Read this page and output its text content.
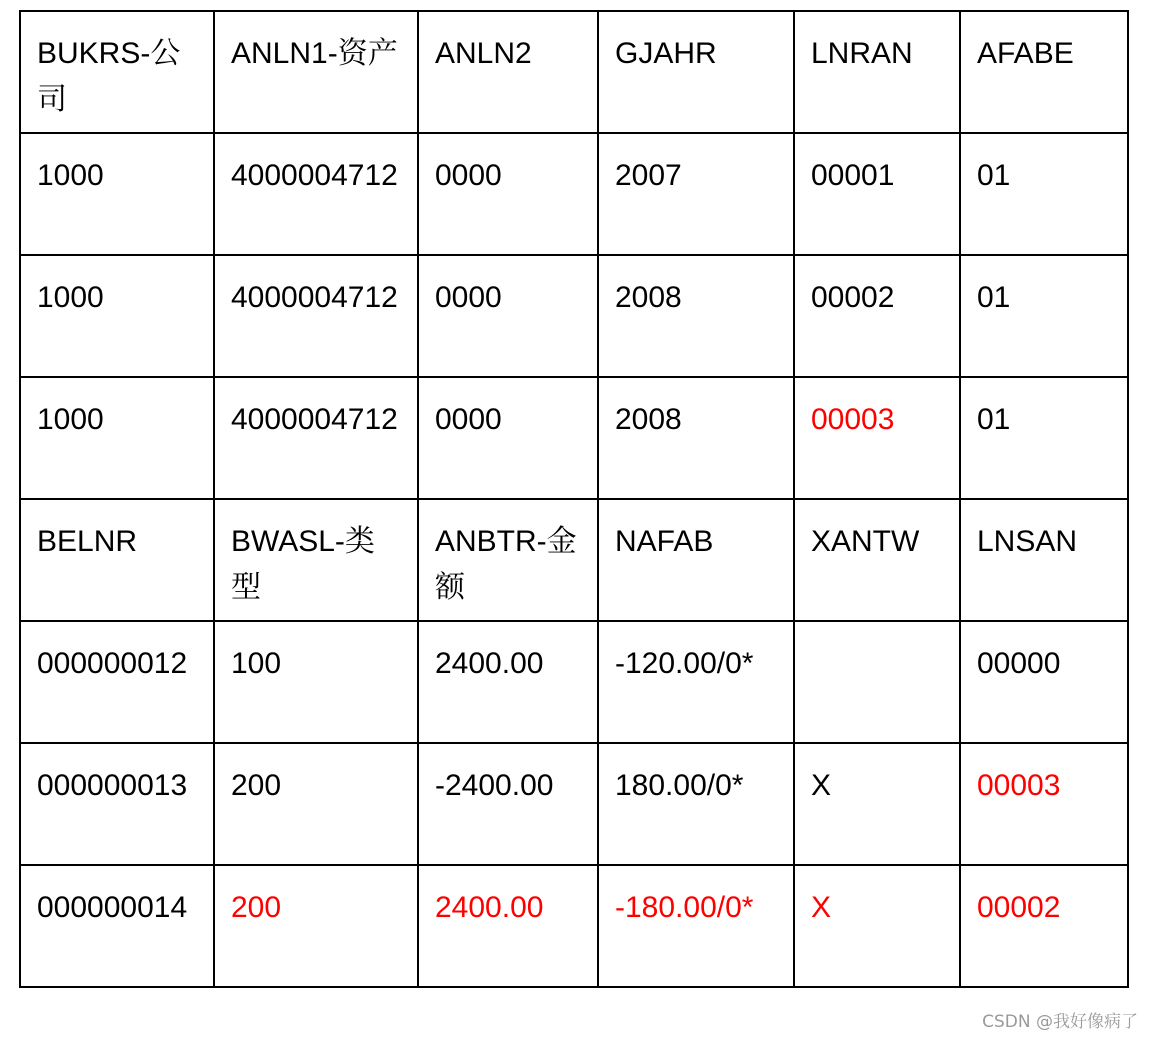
BUKRS-公司	ANLN1-资产	ANLN2	GJAHR	LNRAN	AFABE
1000	4000004712	0000	2007	00001	01
1000	4000004712	0000	2008	00002	01
1000	4000004712	0000	2008	00003	01
BELNR	BWASL-类型	ANBTR-金额	NAFAB	XANTW	LNSAN
000000012	100	2400.00	-120.00/0*		00000
000000013	200	-2400.00	180.00/0*	X	00003
000000014	200	2400.00	-180.00/0*	X	00002
CSDN @我好像病了
